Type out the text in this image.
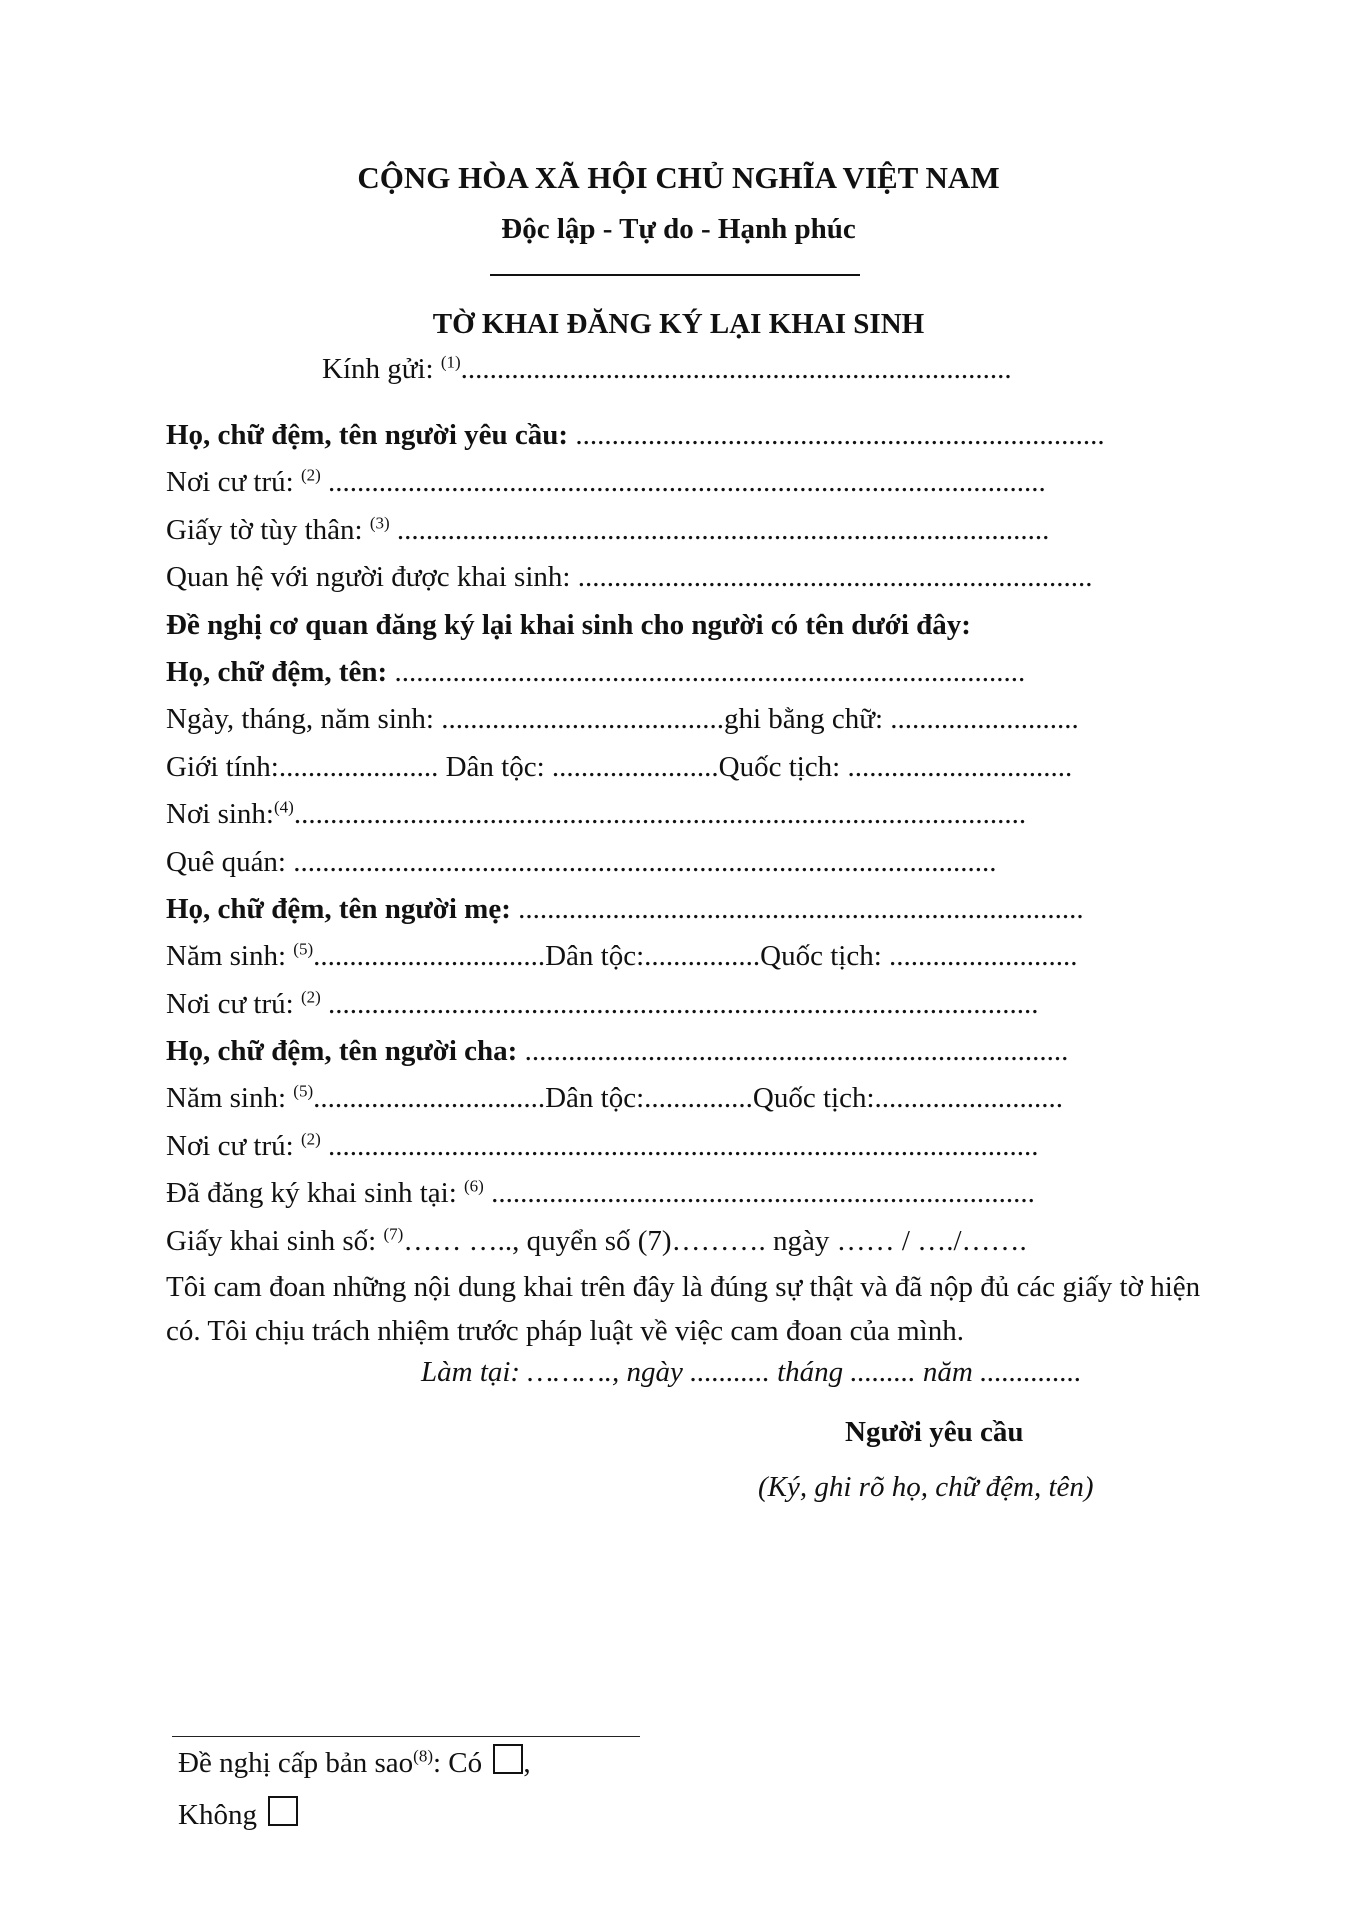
CỘNG HÒA XÃ HỘI CHỦ NGHĨA VIỆT NAM
Độc lập - Tự do - Hạnh phúc
TỜ KHAI ĐĂNG KÝ LẠI KHAI SINH
Kính gửi: $^{(1)}$............................................................................
Họ, chữ đệm, tên người yêu cầu: .........................................................................
Nơi cư trú: $^{(2)}$ ...................................................................................................
Giấy tờ tùy thân: $^{(3)}$ ..........................................................................................
Quan hệ với người được khai sinh: .......................................................................
Đề nghị cơ quan đăng ký lại khai sinh cho người có tên dưới đây:
Họ, chữ đệm, tên: .......................................................................................
Ngày, tháng, năm sinh: .......................................ghi bằng chữ: ..........................
Giới tính:...................... Dân tộc: .......................Quốc tịch: ...............................
Nơi sinh:$^{(4)}$.....................................................................................................
Quê quán: .................................................................................................
Họ, chữ đệm, tên người mẹ: ..............................................................................
Năm sinh: $^{(5)}$................................Dân tộc:................Quốc tịch: ..........................
Nơi cư trú: $^{(2)}$ ..................................................................................................
Họ, chữ đệm, tên người cha: ...........................................................................
Năm sinh: $^{(5)}$................................Dân tộc:...............Quốc tịch:..........................
Nơi cư trú: $^{(2)}$ ..................................................................................................
Đã đăng ký khai sinh tại: $^{(6)}$ ...........................................................................
Giấy khai sinh số: $^{(7)}$…… ….., quyển số (7)………. ngày …… / …./…….
Tôi cam đoan những nội dung khai trên đây là đúng sự thật và đã nộp đủ các giấy tờ hiện có. Tôi chịu trách nhiệm trước pháp luật về việc cam đoan của mình.
Làm tại: ………., ngày ........... tháng ......... năm ..............
Người yêu cầu
(Ký, ghi rõ họ, chữ đệm, tên)
Đề nghị cấp bản sao$^{(8)}$: Có ,
Không
